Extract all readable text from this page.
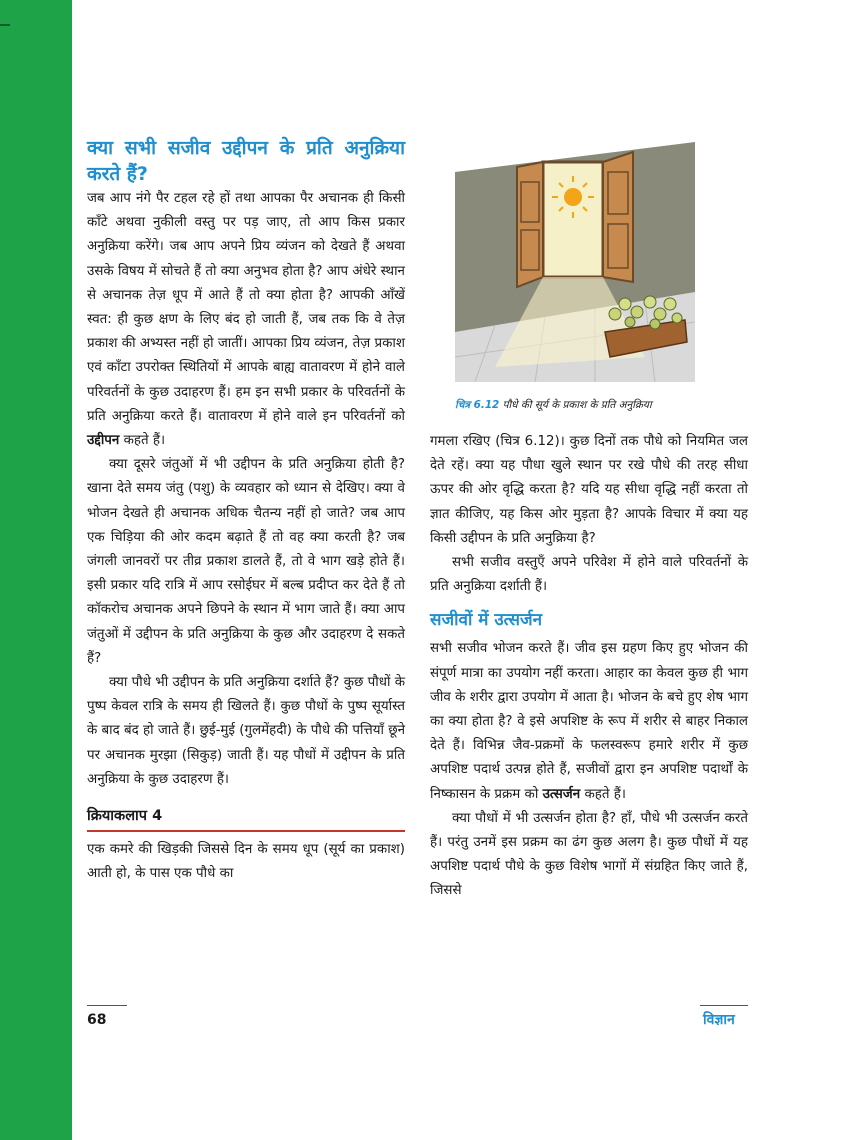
क्या सभी सजीव उद्दीपन के प्रति अनुक्रिया करते हैं?

जब आप नंगे पैर टहल रहे हों तथा आपका पैर अचानक ही किसी काँटे अथवा नुकीली वस्तु पर पड़ जाए, तो आप किस प्रकार अनुक्रिया करेंगे। जब आप अपने प्रिय व्यंजन को देखते हैं अथवा उसके विषय में सोचते हैं तो क्या अनुभव होता है? आप अंधेरे स्थान से अचानक तेज़ धूप में आते हैं तो क्या होता है? आपकी आँखें स्वत: ही कुछ क्षण के लिए बंद हो जाती हैं, जब तक कि वे तेज़ प्रकाश की अभ्यस्त नहीं हो जातीं। आपका प्रिय व्यंजन, तेज़ प्रकाश एवं काँटा उपरोक्त स्थितियों में आपके बाह्य वातावरण में होने वाले परिवर्तनों के कुछ उदाहरण हैं। हम इन सभी प्रकार के परिवर्तनों के प्रति अनुक्रिया करते हैं। वातावरण में होने वाले इन परिवर्तनों को उद्दीपन कहते हैं।

क्या दूसरे जंतुओं में भी उद्दीपन के प्रति अनुक्रिया होती है? खाना देते समय जंतु (पशु) के व्यवहार को ध्यान से देखिए। क्या वे भोजन देखते ही अचानक अधिक चैतन्य नहीं हो जाते? जब आप एक चिड़िया की ओर कदम बढ़ाते हैं तो वह क्या करती है? जब जंगली जानवरों पर तीव्र प्रकाश डालते हैं, तो वे भाग खड़े होते हैं। इसी प्रकार यदि रात्रि में आप रसोईघर में बल्ब प्रदीप्त कर देते हैं तो कॉकरोच अचानक अपने छिपने के स्थान में भाग जाते हैं। क्या आप जंतुओं में उद्दीपन के प्रति अनुक्रिया के कुछ और उदाहरण दे सकते हैं?

क्या पौधे भी उद्दीपन के प्रति अनुक्रिया दर्शाते हैं? कुछ पौधों के पुष्प केवल रात्रि के समय ही खिलते हैं। कुछ पौधों के पुष्प सूर्यास्त के बाद बंद हो जाते हैं। छुई-मुई (गुलमेंहदी) के पौधे की पत्तियाँ छूने पर अचानक मुरझा (सिकुड़) जाती हैं। यह पौधों में उद्दीपन के प्रति अनुक्रिया के कुछ उदाहरण हैं।

क्रियाकलाप 4

एक कमरे की खिड़की जिससे दिन के समय धूप (सूर्य का प्रकाश) आती हो, के पास एक पौधे का

चित्र 6.12 पौधे की सूर्य के प्रकाश के प्रति अनुक्रिया

गमला रखिए (चित्र 6.12)। कुछ दिनों तक पौधे को नियमित जल देते रहें। क्या यह पौधा खुले स्थान पर रखे पौधे की तरह सीधा ऊपर की ओर वृद्धि करता है? यदि यह सीधा वृद्धि नहीं करता तो ज्ञात कीजिए, यह किस ओर मुड़ता है? आपके विचार में क्या यह किसी उद्दीपन के प्रति अनुक्रिया है?

सभी सजीव वस्तुएँ अपने परिवेश में होने वाले परिवर्तनों के प्रति अनुक्रिया दर्शाती हैं।

सजीवों में उत्सर्जन

सभी सजीव भोजन करते हैं। जीव इस ग्रहण किए हुए भोजन की संपूर्ण मात्रा का उपयोग नहीं करता। आहार का केवल कुछ ही भाग जीव के शरीर द्वारा उपयोग में आता है। भोजन के बचे हुए शेष भाग का क्या होता है? वे इसे अपशिष्ट के रूप में शरीर से बाहर निकाल देते हैं। विभिन्न जैव-प्रक्रमों के फलस्वरूप हमारे शरीर में कुछ अपशिष्ट पदार्थ उत्पन्न होते हैं, सजीवों द्वारा इन अपशिष्ट पदार्थों के निष्कासन के प्रक्रम को उत्सर्जन कहते हैं।

क्या पौधों में भी उत्सर्जन होता है? हाँ, पौधे भी उत्सर्जन करते हैं। परंतु उनमें इस प्रक्रम का ढंग कुछ अलग है। कुछ पौधों में यह अपशिष्ट पदार्थ पौधे के कुछ विशेष भागों में संग्रहित किए जाते हैं, जिससे

68	विज्ञान
